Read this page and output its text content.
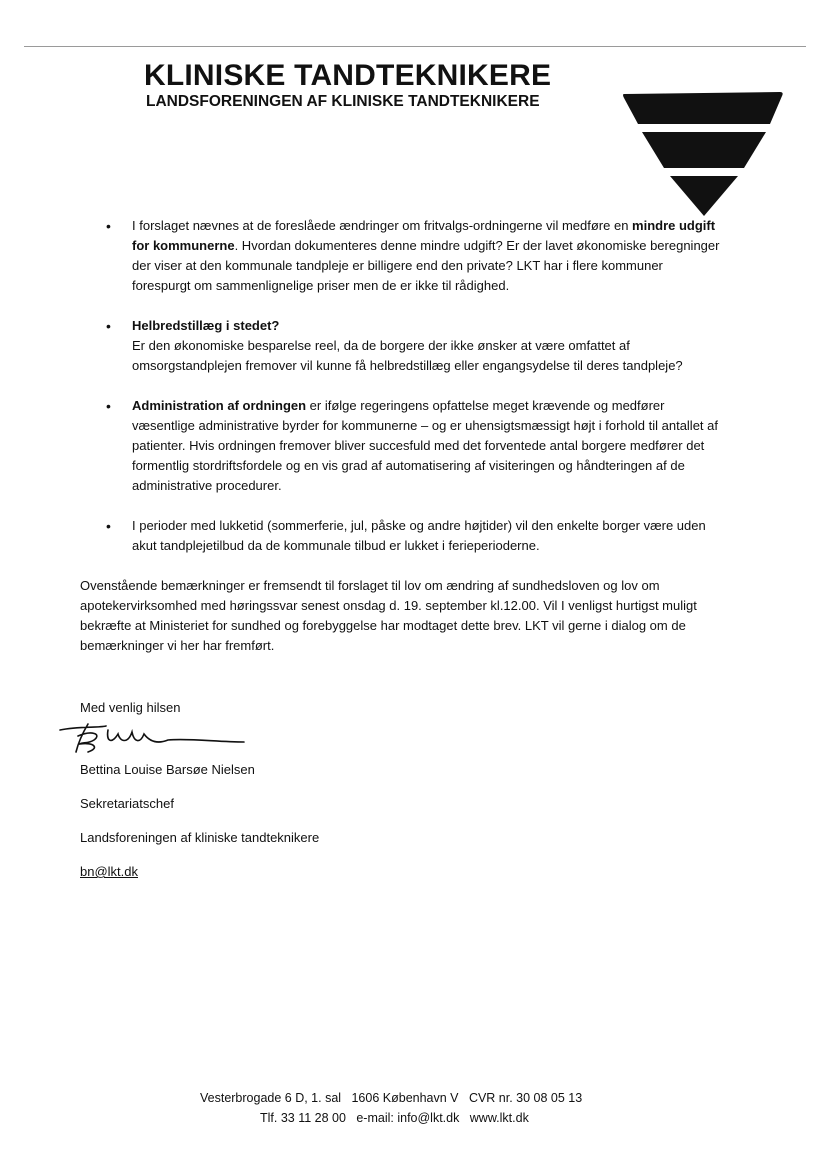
KLINISKE TANDTEKNIKERE
LANDSFORENINGEN AF KLINISKE TANDTEKNIKERE
• I forslaget nævnes at de foreslåede ændringer om fritvalgs-ordningerne vil medføre en mindre udgift for kommunerne. Hvordan dokumenteres denne mindre udgift? Er der lavet økonomiske beregninger der viser at den kommunale tandpleje er billigere end den private? LKT har i flere kommuner forespurgt om sammenlignelige priser men de er ikke til rådighed.
• Helbredstillæg i stedet?
Er den økonomiske besparelse reel, da de borgere der ikke ønsker at være omfattet af omsorgstandplejen fremover vil kunne få helbredstillæg eller engangsydelse til deres tandpleje?
• Administration af ordningen er ifølge regeringens opfattelse meget krævende og medfører væsentlige administrative byrder for kommunerne – og er uhensigtsmæssigt højt i forhold til antallet af patienter. Hvis ordningen fremover bliver succesfuld med det forventede antal borgere medfører det formentlig stordriftsfordele og en vis grad af automatisering af visiteringen og håndteringen af de administrative procedurer.
• I perioder med lukketid (sommerferie, jul, påske og andre højtider) vil den enkelte borger være uden akut tandplejetilbud da de kommunale tilbud er lukket i ferieperioderne.

Ovenstående bemærkninger er fremsendt til forslaget til lov om ændring af sundhedsloven og lov om apotekervirksomhed med høringssvar senest onsdag d. 19. september kl.12.00. Vil I venligst hurtigst muligt bekræfte at Ministeriet for sundhed og forebyggelse har modtaget dette brev. LKT vil gerne i dialog om de bemærkninger vi her har fremført.

Med venlig hilsen

Bettina Louise Barsøe Nielsen

Sekretariatschef

Landsforeningen af kliniske tandteknikere

bn@lkt.dk

Vesterbrogade 6 D, 1. sal 1606 København V CVR nr. 30 08 05 13
Tlf. 33 11 28 00 e-mail: info@lkt.dk www.lkt.dk
